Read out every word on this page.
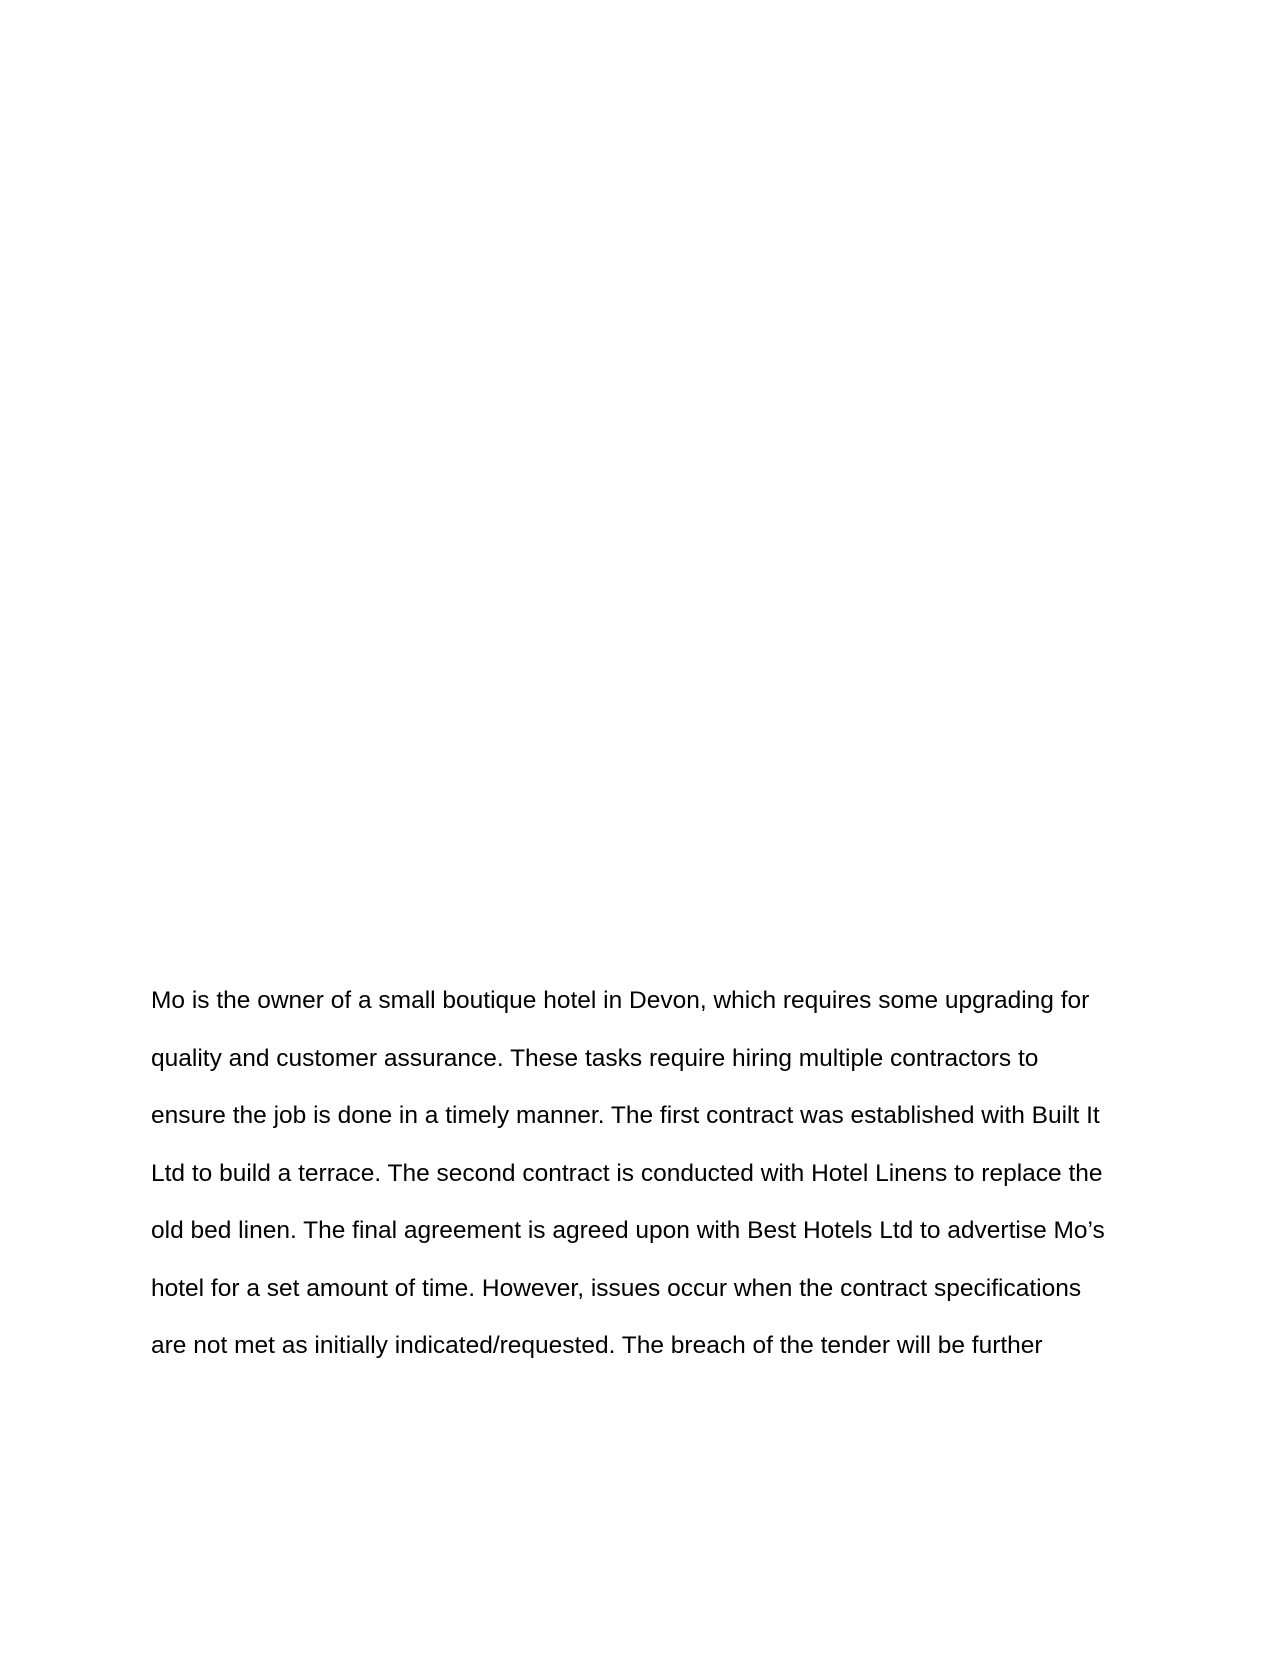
Mo is the owner of a small boutique hotel in Devon, which requires some upgrading for
quality and customer assurance. These tasks require hiring multiple contractors to
ensure the job is done in a timely manner. The first contract was established with Built It
Ltd to build a terrace. The second contract is conducted with Hotel Linens to replace the
old bed linen. The final agreement is agreed upon with Best Hotels Ltd to advertise Mo’s
hotel for a set amount of time. However, issues occur when the contract specifications
are not met as initially indicated/requested. The breach of the tender will be further
